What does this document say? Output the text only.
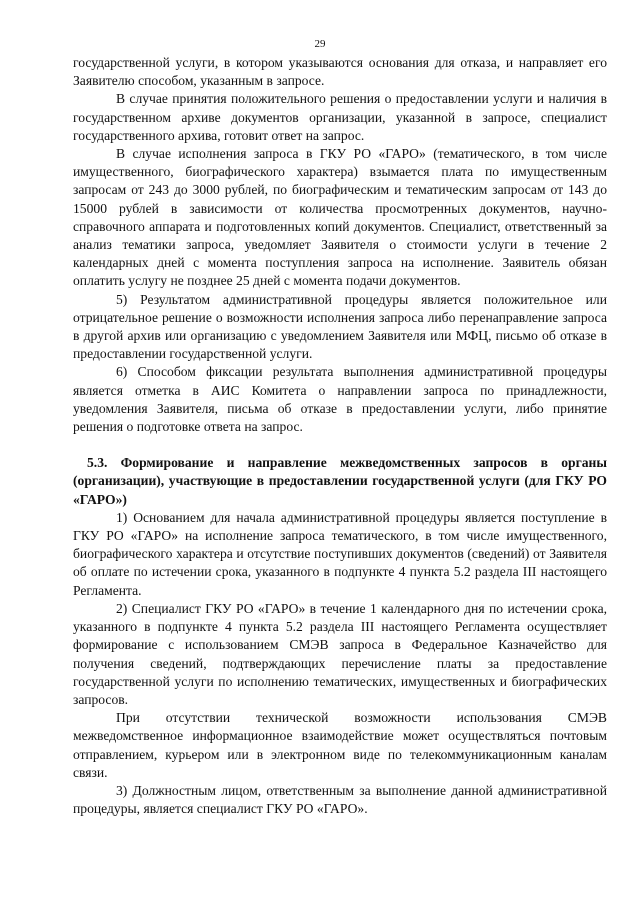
29

государственной услуги, в котором указываются основания для отказа, и направляет его Заявителю способом, указанным в запросе.

В случае принятия положительного решения о предоставлении услуги и наличия в государственном архиве документов организации, указанной в запросе, специалист государственного архива, готовит ответ на запрос.

В случае исполнения запроса в ГКУ РО «ГАРО» (тематического, в том числе имущественного, биографического характера) взымается плата по имущественным запросам от 243 до 3000 рублей, по биографическим и тематическим запросам от 143 до 15000 рублей в зависимости от количества просмотренных документов, научно-справочного аппарата и подготовленных копий документов. Специалист, ответственный за анализ тематики запроса, уведомляет Заявителя о стоимости услуги в течение 2 календарных дней с момента поступления запроса на исполнение. Заявитель обязан оплатить услугу не позднее 25 дней с момента подачи документов.

5) Результатом административной процедуры является положительное или отрицательное решение о возможности исполнения запроса либо перенаправление запроса в другой архив или организацию с уведомлением Заявителя или МФЦ, письмо об отказе в предоставлении государственной услуги.

6) Способом фиксации результата выполнения административной процедуры является отметка в АИС Комитета о направлении запроса по принадлежности, уведомления Заявителя, письма об отказе в предоставлении услуги, либо принятие решения о подготовке ответа на запрос.

5.3. Формирование и направление межведомственных запросов в органы (организации), участвующие в предоставлении государственной услуги (для ГКУ РО «ГАРО»)

1) Основанием для начала административной процедуры является поступление в ГКУ РО «ГАРО» на исполнение запроса тематического, в том числе имущественного, биографического характера и отсутствие поступивших документов (сведений) от Заявителя об оплате по истечении срока, указанного в подпункте 4 пункта 5.2 раздела III настоящего Регламента.

2) Специалист ГКУ РО «ГАРО» в течение 1 календарного дня по истечении срока, указанного в подпункте 4 пункта 5.2 раздела III настоящего Регламента осуществляет формирование с использованием СМЭВ запроса в Федеральное Казначейство для получения сведений, подтверждающих перечисление платы за предоставление государственной услуги по исполнению тематических, имущественных и биографических запросов.

При отсутствии технической возможности использования СМЭВ межведомственное информационное взаимодействие может осуществляться почтовым отправлением, курьером или в электронном виде по телекоммуникационным каналам связи.

3) Должностным лицом, ответственным за выполнение данной административной процедуры, является специалист ГКУ РО «ГАРО».
